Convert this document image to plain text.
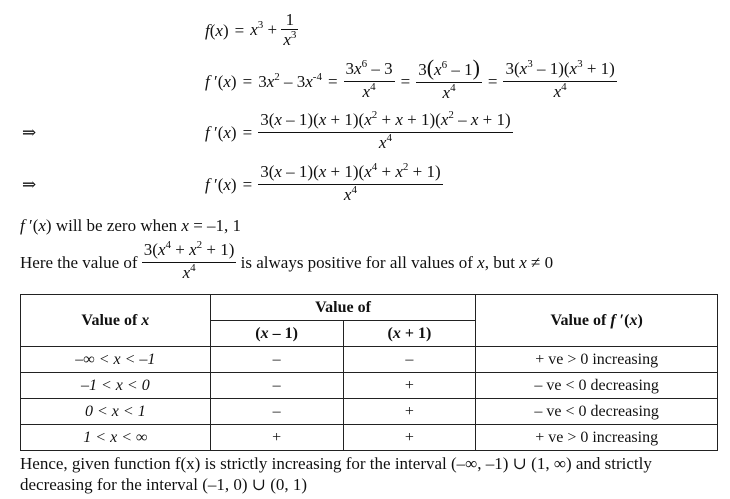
$f(x) = x^3 + \frac{1}{x^3}$
f $'(x) = 3x^2 - 3x^{-4} = \frac{3x^6 - 3}{x^4} = \frac{3(x^6 - 1)}{x^4} = \frac{3(x^3 - 1)(x^3 + 1)}{x^4}$
⇒	f $'(x) = \frac{3(x - 1)(x + 1)(x^2 + x + 1)(x^2 - x + 1)}{x^4}$
⇒	f $'(x) = \frac{3(x - 1)(x + 1)(x^4 + x^2 + 1)}{x^4}$
f ′(x) will be zero when x = –1, 1
Here the value of
$\frac{3(x^4 + x^2 + 1)}{x^4}$
is always positive for all values of x, but x ≠ 0
Value of x	Value of		Value of f ′(x)
	(x – 1)	(x + 1)	
–∞ < x < –1	–	–	+ ve > 0 increasing
–1 < x < 0	–	+	– ve < 0 decreasing
0 < x < 1	–	+	– ve < 0 decreasing
1 < x < ∞	+	+	+ ve > 0 increasing
Hence, given function f(x) is strictly increasing for the interval (–∞, –1) ∪ (1, ∞) and strictly
decreasing for the interval (–1, 0) ∪ (0, 1)
